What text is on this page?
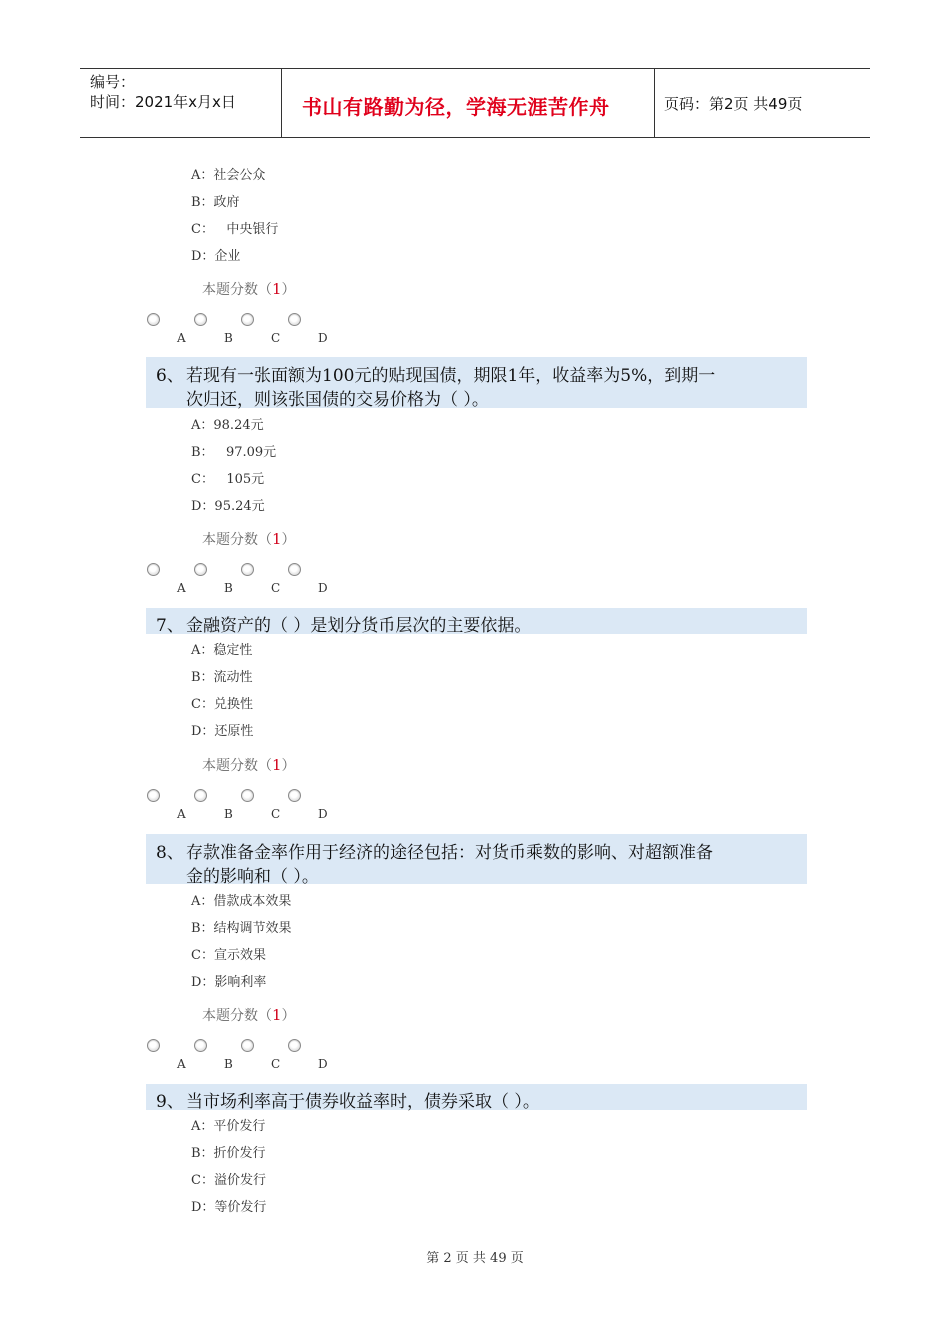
编号：
时间：2021年x月x日	书山有路勤为径，学海无涯苦作舟	页码：第2页 共49页
A：社会公众
B：政府
C：   中央银行
D：企业
本题分数（1）
A	B	C	D
6、 若现有一张面额为100元的贴现国债，期限1年，收益率为5%，到期一
次归还，则该张国债的交易价格为（ ）。
A：98.24元
B：   97.09元
C：   105元
D：95.24元
本题分数（1）
A	B	C	D
7、 金融资产的（ ）是划分货币层次的主要依据。
A：稳定性
B：流动性
C：兑换性
D：还原性
本题分数（1）
A	B	C	D
8、 存款准备金率作用于经济的途径包括：对货币乘数的影响、对超额准备
金的影响和（ ）。
A：借款成本效果
B：结构调节效果
C：宣示效果
D：影响利率
本题分数（1）
A	B	C	D
9、 当市场利率高于债券收益率时，债券采取（ ）。
A：平价发行
B：折价发行
C：溢价发行
D：等价发行
第 2 页 共 49 页
